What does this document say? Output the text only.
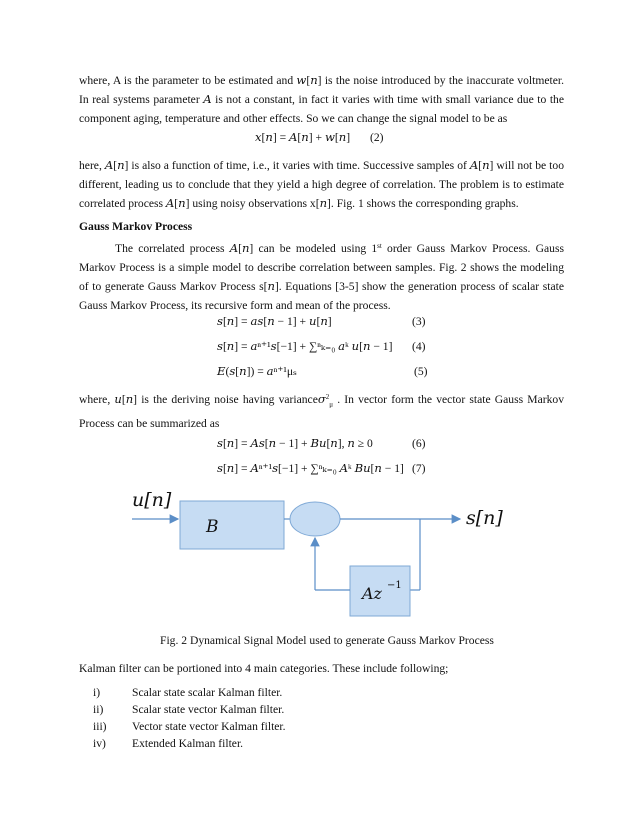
where, A is the parameter to be estimated and 𝑤[𝑛] is the noise introduced by the inaccurate voltmeter. In real systems parameter 𝐴 is not a constant, in fact it varies with time with small variance due to the component aging, temperature and other effects. So we can change the signal model to be as

𝑥[𝑛] = 𝐴[𝑛] + 𝑤[𝑛] (2)

here, 𝐴[𝑛] is also a function of time, i.e., it varies with time. Successive samples of 𝐴[𝑛] will not be too different, leading us to conclude that they yield a high degree of correlation. The problem is to estimate correlated process 𝐴[𝑛] using noisy observations x[𝑛]. Fig. 1 shows the corresponding graphs.

Gauss Markov Process

The correlated process 𝐴[𝑛] can be modeled using 1st order Gauss Markov Process. Gauss Markov Process is a simple model to describe correlation between samples. Fig. 2 shows the modeling of to generate Gauss Markov Process s[𝑛]. Equations [3-5] show the generation process of scalar state Gauss Markov Process, its recursive form and mean of the process.

𝑠[𝑛] = 𝑎𝑠[𝑛 − 1] + 𝑢[𝑛]	(3)
𝑠[𝑛] = 𝑎ⁿ⁺¹𝑠[−1] + ∑ⁿₖ₌₀ 𝑎ᵏ 𝑢[𝑛 − 1] (4)
𝐸(𝑠[𝑛]) = 𝑎ⁿ⁺¹μₛ	(5)

where, 𝑢[𝑛] is the deriving noise having varianceσ$^2_\mu$ . In vector form the vector state Gauss Markov Process can be summarized as

𝑠[𝑛] = 𝐴𝑠[𝑛 − 1] + 𝐵𝑢[𝑛], 𝑛 ≥ 0	(6)
𝑠[𝑛] = 𝐴ⁿ⁺¹𝑠[−1] + ∑ⁿₖ₌₀ 𝐴ᵏ 𝐵𝑢[𝑛 − 1] (7)
u[n]
B	s[n]
Az −1
Fig. 2 Dynamical Signal Model used to generate Gauss Markov Process

Kalman filter can be portioned into 4 main categories. These include following;

i)	Scalar state scalar Kalman filter.
ii)	Scalar state vector Kalman filter.
iii)	Vector state vector Kalman filter.
iv)	Extended Kalman filter.
